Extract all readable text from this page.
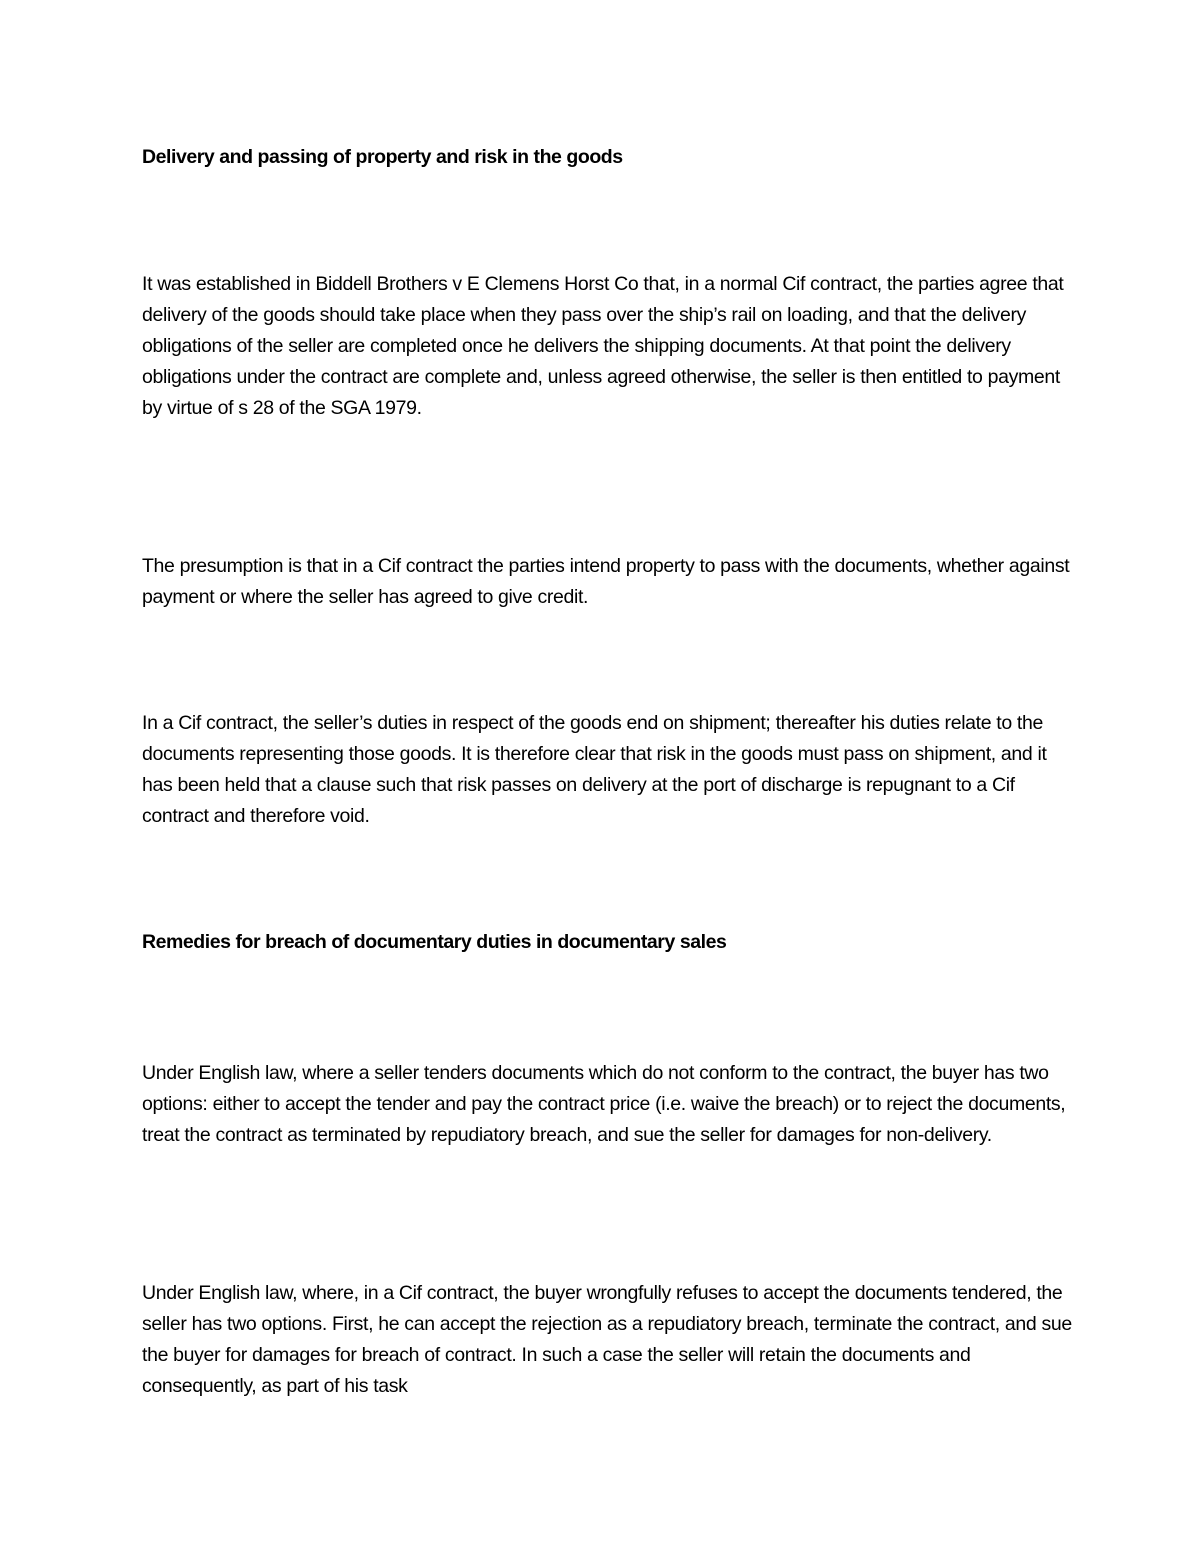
Delivery and passing of property and risk in the goods

It was established in Biddell Brothers v E Clemens Horst Co that, in a normal Cif contract, the parties agree that delivery of the goods should take place when they pass over the ship’s rail on loading, and that the delivery obligations of the seller are completed once he delivers the shipping documents. At that point the delivery obligations under the contract are complete and, unless agreed otherwise, the seller is then entitled to payment by virtue of s 28 of the SGA 1979.

The presumption is that in a Cif contract the parties intend property to pass with the documents, whether against payment or where the seller has agreed to give credit.

In a Cif contract, the seller’s duties in respect of the goods end on shipment; thereafter his duties relate to the documents representing those goods. It is therefore clear that risk in the goods must pass on shipment, and it has been held that a clause such that risk passes on delivery at the port of discharge is repugnant to a Cif contract and therefore void.

Remedies for breach of documentary duties in documentary sales

Under English law, where a seller tenders documents which do not conform to the contract, the buyer has two options: either to accept the tender and pay the contract price (i.e. waive the breach) or to reject the documents, treat the contract as terminated by repudiatory breach, and sue the seller for damages for non-delivery.

Under English law, where, in a Cif contract, the buyer wrongfully refuses to accept the documents tendered, the seller has two options. First, he can accept the rejection as a repudiatory breach, terminate the contract, and sue the buyer for damages for breach of contract. In such a case the seller will retain the documents and consequently, as part of his task
